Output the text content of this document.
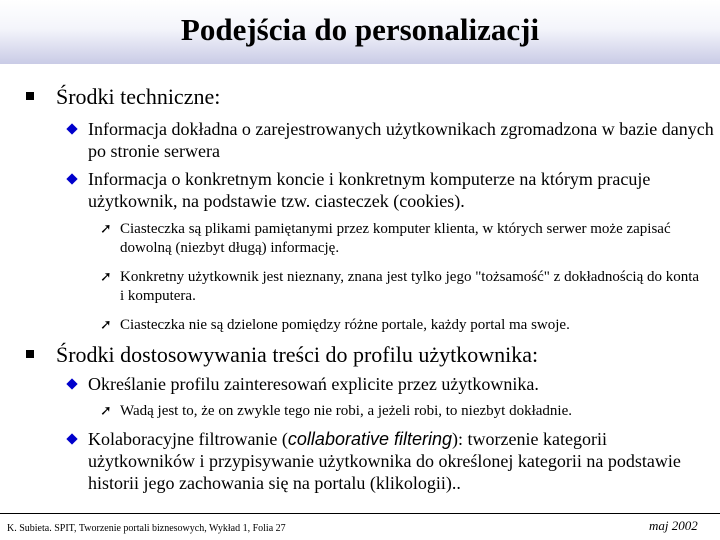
Podejścia do personalizacji
Środki techniczne:
Informacja dokładna o zarejestrowanych użytkownikach zgromadzona w bazie danych po stronie serwera
Informacja o konkretnym koncie i konkretnym komputerze na którym pracuje użytkownik, na podstawie tzw. ciasteczek (cookies).
➚ Ciasteczka są plikami pamiętanymi przez komputer klienta, w których serwer może zapisać dowolną (niezbyt długą) informację.
➚ Konkretny użytkownik jest nieznany, znana jest tylko jego "tożsamość" z dokładnością do konta i komputera.
➚ Ciasteczka nie są dzielone pomiędzy różne portale, każdy portal ma swoje.
Środki dostosowywania treści do profilu użytkownika:
Określanie profilu zainteresowań explicite przez użytkownika.
➚ Wadą jest to, że on zwykle tego nie robi, a jeżeli robi, to niezbyt dokładnie.
Kolaboracyjne filtrowanie (collaborative filtering): tworzenie kategorii użytkowników i przypisywanie użytkownika do określonej kategorii na podstawie historii jego zachowania się na portalu (klikologii)..
K. Subieta. SPIT, Tworzenie portali biznesowych, Wykład 1, Folia 27	maj 2002
